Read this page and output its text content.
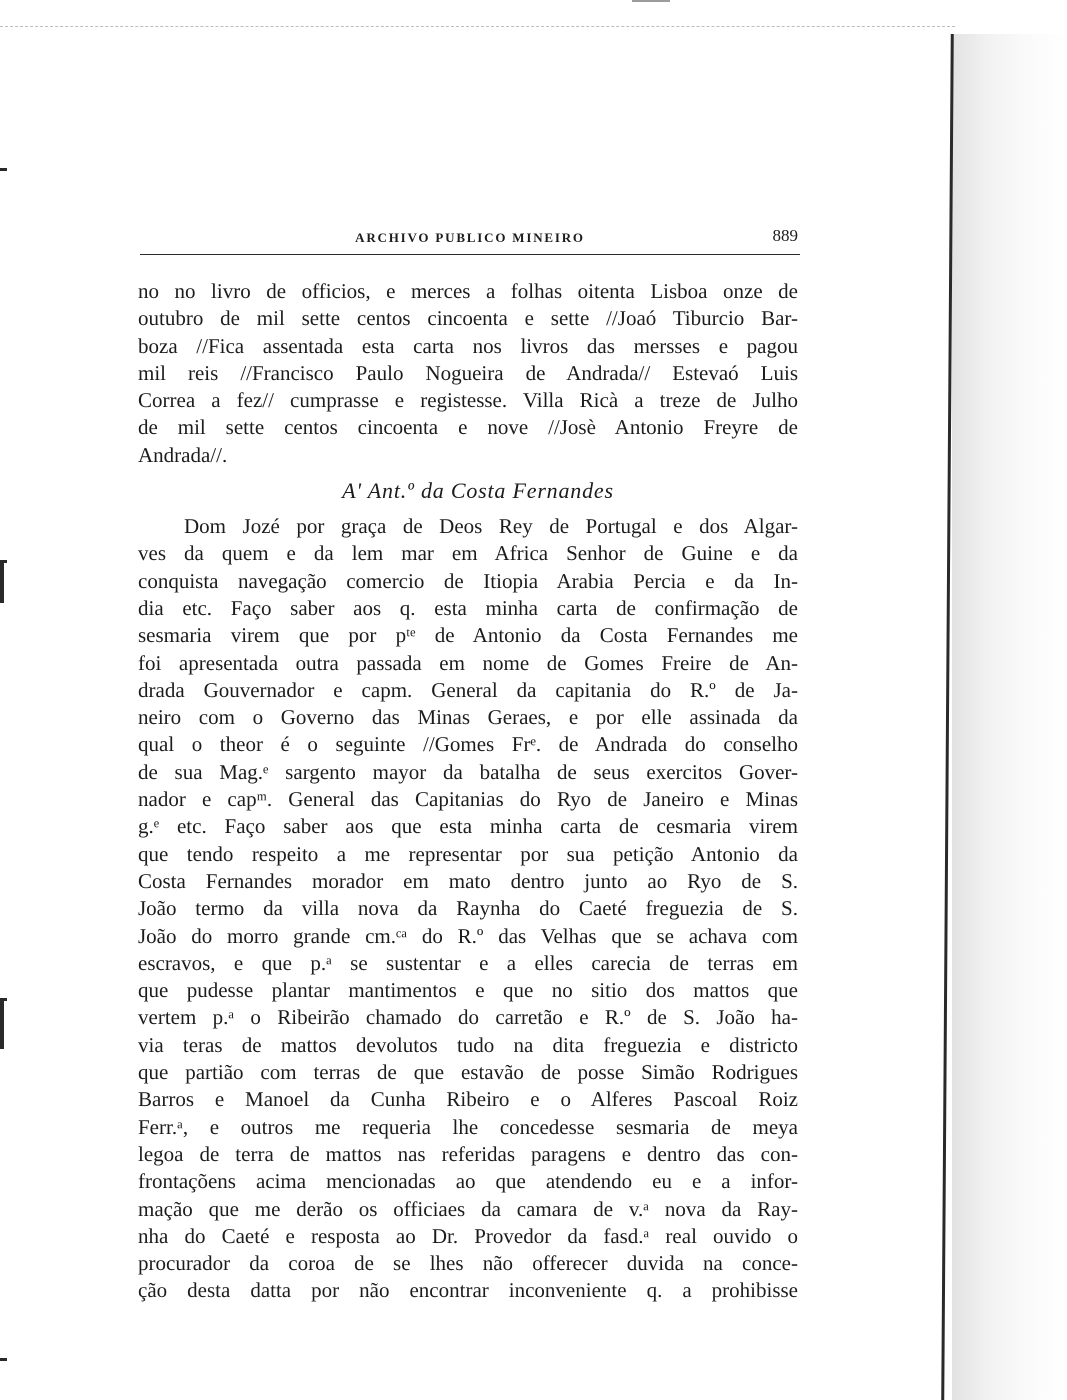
ARCHIVO PUBLICO MINEIRO	889
no no livro de officios, e merces a folhas oitenta Lisboa onze de
outubro de mil sette centos cincoenta e sette //Joaó Tiburcio Bar-
boza //Fica assentada esta carta nos livros das mersses e pagou
mil reis //Francisco Paulo Nogueira de Andrada// Estevaó Luis
Correa a fez// cumprasse e registesse. Villa Ricà a treze de Julho
de mil sette centos cincoenta e nove //Josè Antonio Freyre de
Andrada//.
A' Ant.º da Costa Fernandes
Dom Jozé por graça de Deos Rey de Portugal e dos Algar-
ves da quem e da lem mar em Africa Senhor de Guine e da
conquista navegação comercio de Itiopia Arabia Percia e da In-
dia etc. Faço saber aos q. esta minha carta de confirmação de
sesmaria virem que por pᵗᵉ de Antonio da Costa Fernandes me
foi apresentada outra passada em nome de Gomes Freire de An-
drada Gouvernador e capm. General da capitania do R.º de Ja-
neiro com o Governo das Minas Geraes, e por elle assinada da
qual o theor é o seguinte //Gomes Frᵉ. de Andrada do conselho
de sua Mag.ᵉ sargento mayor da batalha de seus exercitos Gover-
nador e capᵐ. General das Capitanias do Ryo de Janeiro e Minas
g.ᵉ etc. Faço saber aos que esta minha carta de cesmaria virem
que tendo respeito a me representar por sua petição Antonio da
Costa Fernandes morador em mato dentro junto ao Ryo de S.
João termo da villa nova da Raynha do Caeté freguezia de S.
João do morro grande cm.ᶜᵃ do R.º das Velhas que se achava com
escravos, e que p.ᵃ se sustentar e a elles carecia de terras em
que pudesse plantar mantimentos e que no sitio dos mattos que
vertem p.ᵃ o Ribeirão chamado do carretão e R.º de S. João ha-
via teras de mattos devolutos tudo na dita freguezia e districto
que partião com terras de que estavão de posse Simão Rodrigues
Barros e Manoel da Cunha Ribeiro e o Alferes Pascoal Roiz
Ferr.ᵃ, e outros me requeria lhe concedesse sesmaria de meya
legoa de terra de mattos nas referidas paragens e dentro das con-
frontaçõens acima mencionadas ao que atendendo eu e a infor-
mação que me derão os officiaes da camara de v.ᵃ nova da Ray-
nha do Caeté e resposta ao Dr. Provedor da fasd.ᵃ real ouvido o
procurador da coroa de se lhes não offerecer duvida na conce-
ção desta datta por não encontrar inconveniente q. a prohibisse
